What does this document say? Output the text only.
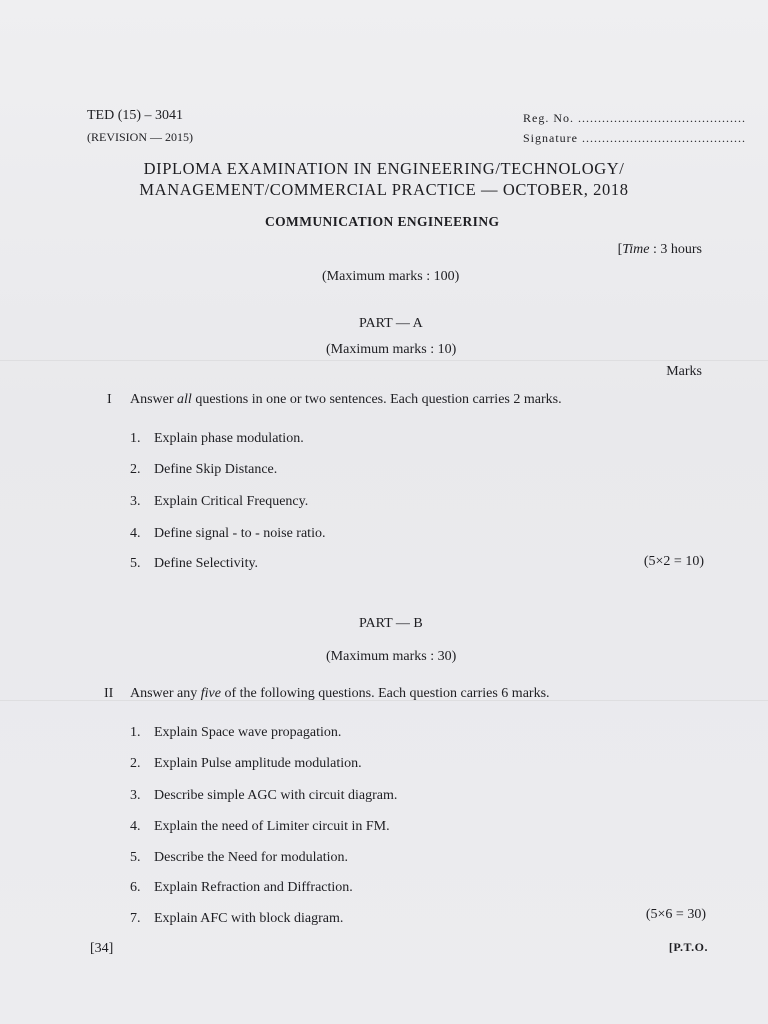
TED (15) – 3041
(REVISION — 2015)
Reg. No. ..........................................
Signature .........................................
DIPLOMA EXAMINATION IN ENGINEERING/TECHNOLOGY/
MANAGEMENT/COMMERCIAL PRACTICE — OCTOBER, 2018
COMMUNICATION ENGINEERING
[Time : 3 hours
(Maximum marks : 100)
PART — A
(Maximum marks : 10)
Marks
I Answer all questions in one or two sentences. Each question carries 2 marks.
1. Explain phase modulation.
2. Define Skip Distance.
3. Explain Critical Frequency.
4. Define signal - to - noise ratio.
5. Define Selectivity.	(5×2 = 10)
PART — B
(Maximum marks : 30)
II Answer any five of the following questions. Each question carries 6 marks.
1. Explain Space wave propagation.
2. Explain Pulse amplitude modulation.
3. Describe simple AGC with circuit diagram.
4. Explain the need of Limiter circuit in FM.
5. Describe the Need for modulation.
6. Explain Refraction and Diffraction.
7. Explain AFC with block diagram.	(5×6 = 30)
[34]	[P.T.O.
